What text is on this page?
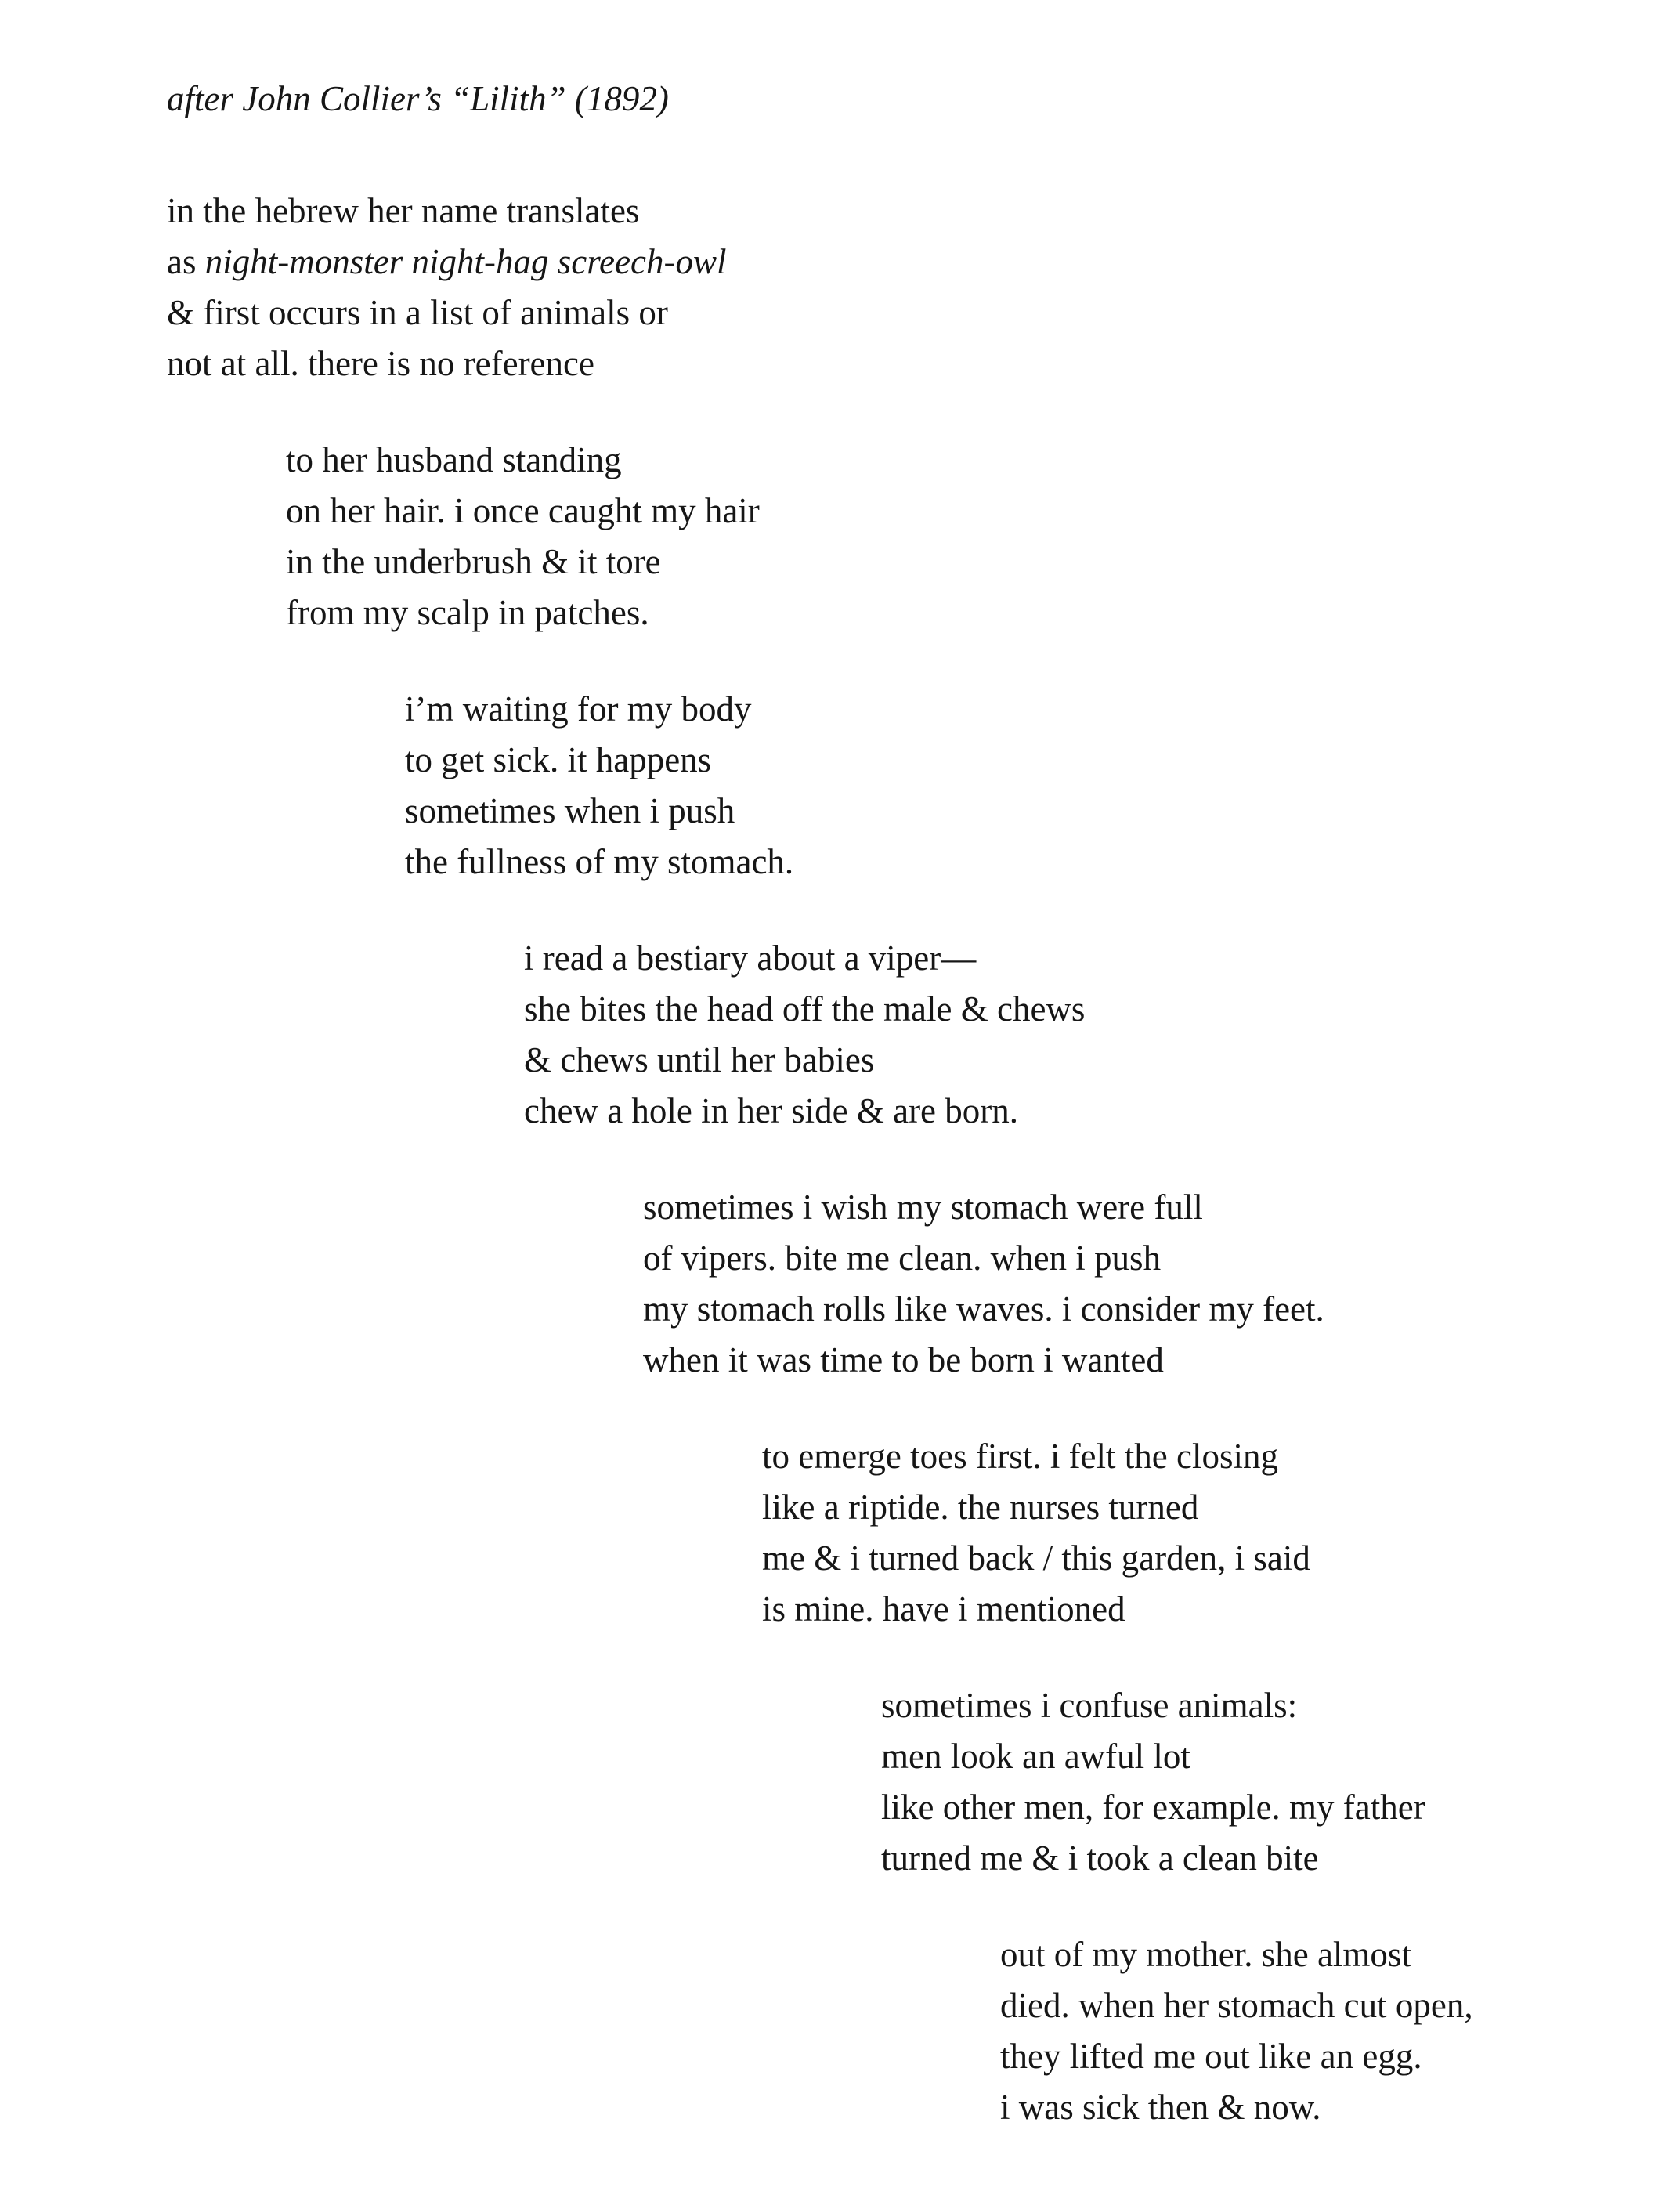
after John Collier’s “Lilith” (1892)
in the hebrew her name translates
as night-monster night-hag screech-owl
& first occurs in a list of animals or
not at all. there is no reference
to her husband standing
on her hair. i once caught my hair
in the underbrush & it tore
from my scalp in patches.
i’m waiting for my body
to get sick. it happens
sometimes when i push
the fullness of my stomach.
i read a bestiary about a viper—
she bites the head off the male & chews
& chews until her babies
chew a hole in her side & are born.
sometimes i wish my stomach were full
of vipers. bite me clean. when i push
my stomach rolls like waves. i consider my feet.
when it was time to be born i wanted
to emerge toes first. i felt the closing
like a riptide. the nurses turned
me & i turned back / this garden, i said
is mine. have i mentioned
sometimes i confuse animals:
men look an awful lot
like other men, for example. my father
turned me & i took a clean bite
out of my mother. she almost
died. when her stomach cut open,
they lifted me out like an egg.
i was sick then & now.
